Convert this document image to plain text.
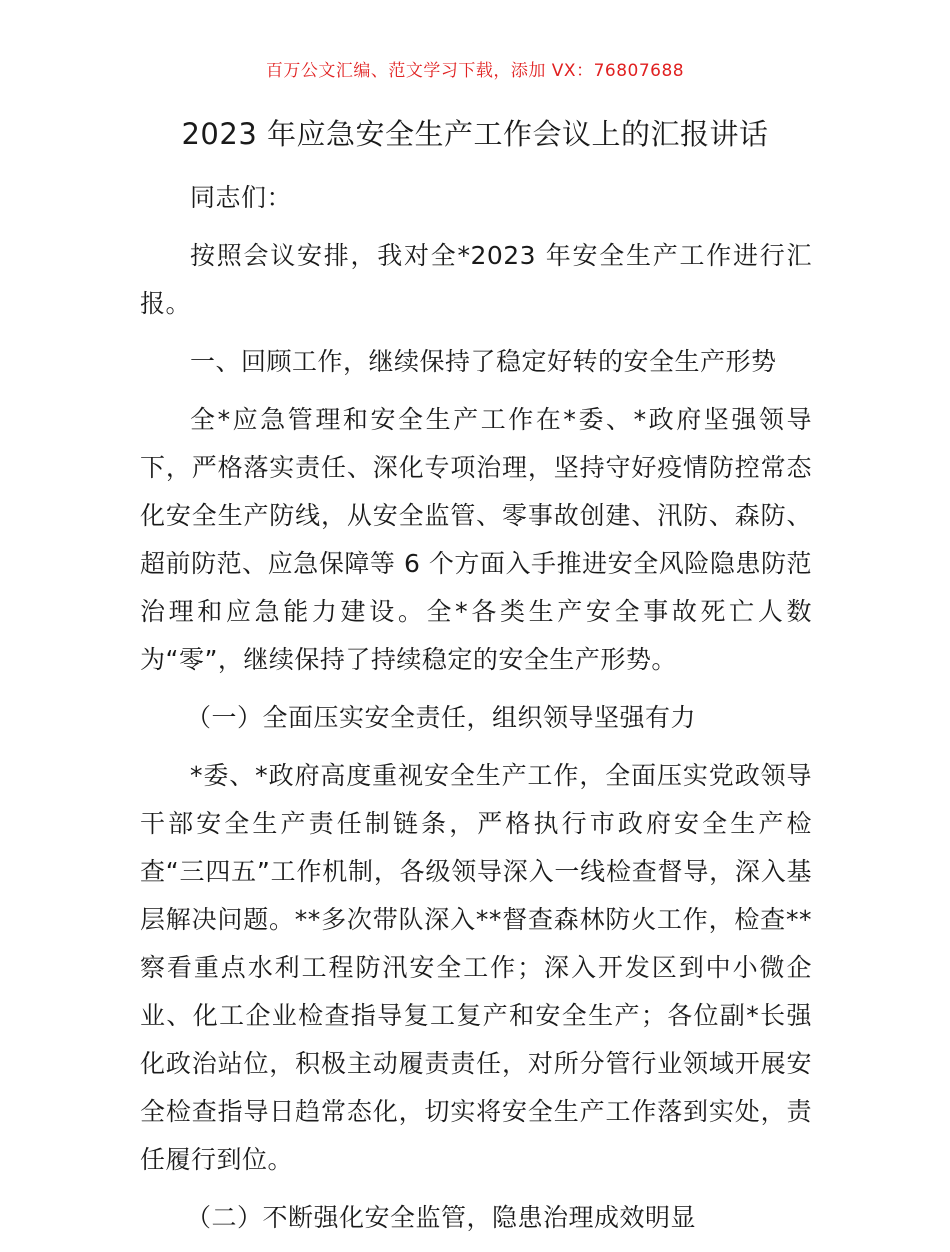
百万公文汇编、范文学习下载，添加 VX：76807688
2023 年应急安全生产工作会议上的汇报讲话

同志们：

按照会议安排，我对全*2023 年安全生产工作进行汇报。

一、回顾工作，继续保持了稳定好转的安全生产形势

全*应急管理和安全生产工作在*委、*政府坚强领导下，严格落实责任、深化专项治理，坚持守好疫情防控常态化安全生产防线，从安全监管、零事故创建、汛防、森防、超前防范、应急保障等 6 个方面入手推进安全风险隐患防范治理和应急能力建设。全*各类生产安全事故死亡人数为“零”，继续保持了持续稳定的安全生产形势。

（一）全面压实安全责任，组织领导坚强有力

*委、*政府高度重视安全生产工作，全面压实党政领导干部安全生产责任制链条，严格执行市政府安全生产检查“三四五”工作机制，各级领导深入一线检查督导，深入基层解决问题。**多次带队深入**督查森林防火工作，检查**察看重点水利工程防汛安全工作；深入开发区到中小微企业、化工企业检查指导复工复产和安全生产；各位副*长强化政治站位，积极主动履责责任，对所分管行业领域开展安全检查指导日趋常态化，切实将安全生产工作落到实处，责任履行到位。

（二）不断强化安全监管，隐患治理成效明显
